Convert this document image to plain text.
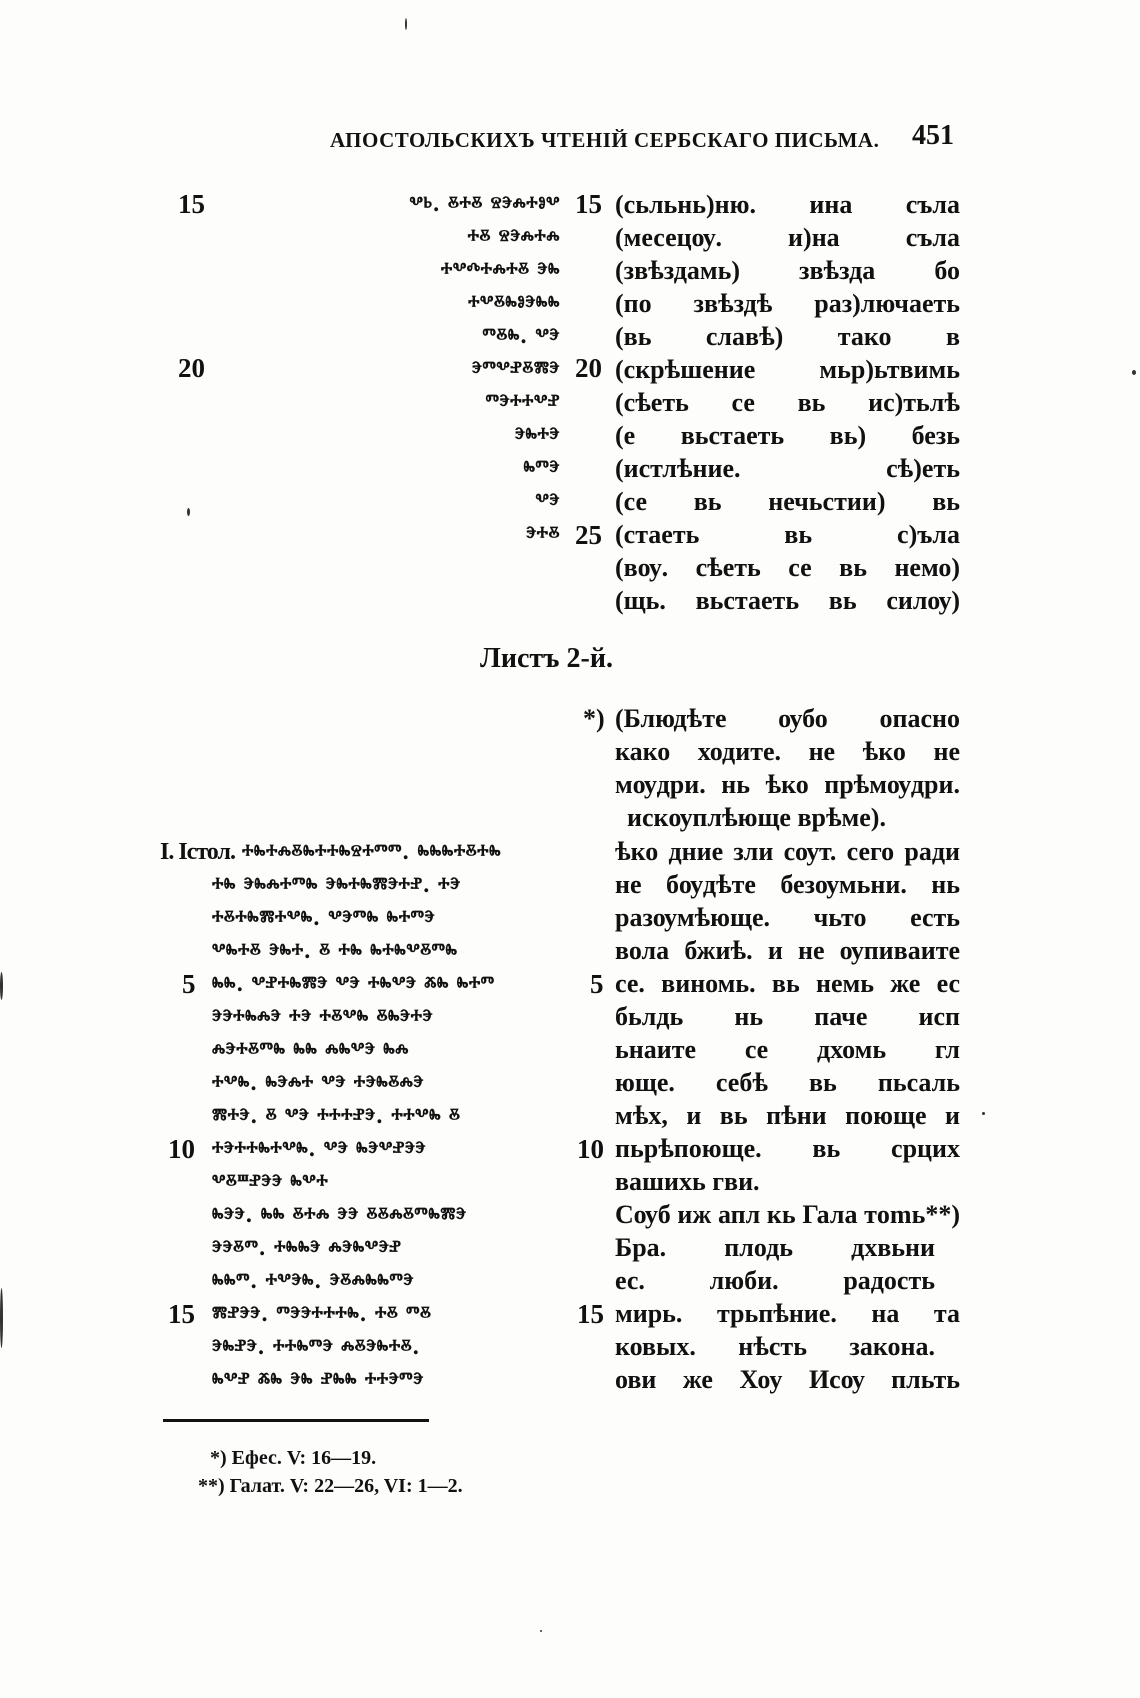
АПОСТОЛЬСКИХЪ ЧТЕНІЙ СЕРБСКАГО ПИСЬМА. 451
15
20
15
20
25
ⰲⱃ. ⰻⰰⰻ ⱄⰵⰾⰰⱁⰲ
ⰰⰻ ⱄⰵⰾⰰⰾ
ⰰⰲⰴⰰⰾⰰⰻ ⰵⰸ
ⰰⰲⰻⰸⱁⰵⰸⰸ
ⱅⰻⰸ. ⰲⰵ
ⰵⱅⰲⱀⰻⰿⰵ
ⱅⰵⰰⰰⰲⱀ
ⰵⰸⰰⰵ
ⰸⱅⰵ
ⰲⰵ
ⰵⰰⰻ
(сьльнь)ню. ина съла
(месецѹ. и)на съла
(звѣздамь) звѣзда бо
(по звѣздѣ раз)лючаеть
(вь славѣ) тако в
(скрѣшение мьр)ьтвимь
(сѣеть се вь ис)тьлѣ
(е вьстаеть вь) безь
(истлѣние. сѣ)еть
(се вь нечьстии) вь
(стаеть вь с)ъла
(вѹ. сѣеть се вь немо)
(щь. вьстаеть вь силѹ)
Листъ 2-й.
*) (Блюдѣте ѹбо опасно
како ходите. не ѣко не
мѹдри. нь ѣко прѣмѹдри.
искѹплѣюще врѣме).
I. Iстол.
5
10
15
5
10
15
ⰰⰸⰰⰾⰻⰸⰰⰰⰸⱄⰰⱅⱅ. ⰸⰸⰸⰰⰻⰰⰸ
ⰰⰸ ⰵⰸⰾⰰⱅⰸ ⰵⰸⰰⰸⰿⰵⰰⱀ. ⰰⰵ
ⰰⰻⰰⰸⰿⰰⰲⰸ. ⰲⰵⱅⰸ ⰸⰰⱅⰵ
ⰲⰸⰰⰻ ⰵⰸⰰ. ⰻ ⰰⰸ ⰸⰰⰸⰲⰻⱅⰸ
ⰸⰸ. ⰲⱀⰰⰸⰿⰵ ⰲⰵ ⰰⰸⰲⰵ ⰶⰸ ⰸⰰⱅ
ⰵⰵⰰⰸⰾⰵ ⰰⰵ ⰰⰻⰲⰸ ⰻⰸⰵⰰⰵ
ⰾⰵⰰⰻⱅⰸ ⰸⰸ ⰾⰸⰲⰵ ⰸⰾ
ⰰⰲⰸ. ⰸⰵⰾⰰ ⰲⰵ ⰰⰵⰸⰻⰾⰵ
ⰿⰰⰵ. ⰻ ⰲⰵ ⰰⰰⰰⱀⰵ. ⰰⰰⰲⰸ ⰻ
ⰰⰵⰰⰰⰸⰰⰲⰸ. ⰲⰵ ⰸⰵⰲⱀⰵⰵ
ⰲⰻⱎⱀⰵⰵ ⰸⰲⰰ
ⰸⰵⰵ. ⰸⰸ ⰻⰰⰾ ⰵⰵ ⰻⰻⰾⰻⱅⰸⰿⰵ
ⰵⰵⰻⱅ. ⰰⰸⰸⰵ ⰾⰵⰸⰲⰵⱀ
ⰸⰸⱅ. ⰰⰲⰵⰸ. ⰵⰻⰾⰸⰸⱅⰵ
ⰿⱀⰵⰵ. ⱅⰵⰵⰰⰰⰰⰸ. ⰰⰻ ⱅⰻ
ⰵⰸⱀⰵ. ⰰⰰⰸⱅⰵ ⰾⰻⰵⰸⰰⰻ.
ⰸⰲⱀ ⰶⰸ ⰵⰸ ⱀⰸⰸ ⰰⰰⰵⱅⰵ
ѣко дние зли сѹт. сего ради
не бѹдѣте безѹмьни. нь
разѹмѣюще. чьто есть
вола бжиѣ. и не ѹпиваите
се. виномь. вь немь же ес
бьлдь нь паче исп
ьнаите се дхомь гл
юще. себѣ вь пьсаль
мѣх, и вь пѣни поюще и
пьрѣпоюще. вь срцих
вашихь гви.
Сѹб иж апл кь Гала тomь**)
Бра. плодь дхвьни
ес. люби. радость
мирь. трьпѣние. на та
ковых. нѣсть закона.
ови же Хоу Исѹ пльть
*) Ефес. V: 16—19.
**) Галат. V: 22—26, VI: 1—2.
